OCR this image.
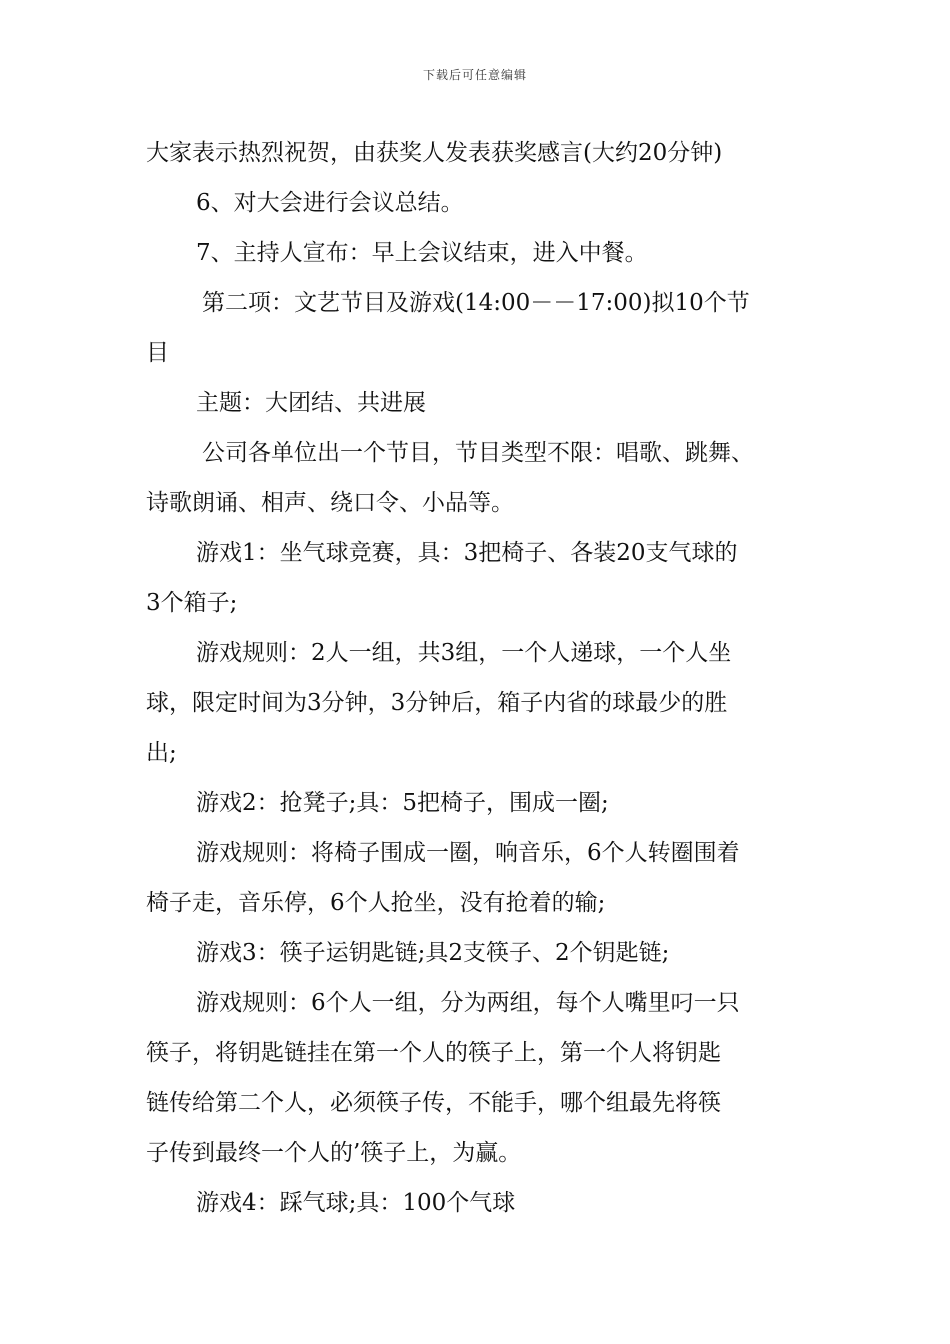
下载后可任意编辑
大家表示热烈祝贺，由获奖人发表获奖感言(大约20分钟)
6、对大会进行会议总结。
7、主持人宣布：早上会议结束，进入中餐。
第二项：文艺节目及游戏(14:00－－17:00)拟10个节
目
主题：大团结、共进展
公司各单位出一个节目，节目类型不限：唱歌、跳舞、
诗歌朗诵、相声、绕口令、小品等。
游戏1：坐气球竞赛，具：3把椅子、各装20支气球的
3个箱子;
游戏规则：2人一组，共3组，一个人递球，一个人坐
球，限定时间为3分钟，3分钟后，箱子内省的球最少的胜
出;
游戏2：抢凳子;具：5把椅子，围成一圈;
游戏规则：将椅子围成一圈，响音乐，6个人转圈围着
椅子走，音乐停，6个人抢坐，没有抢着的输;
游戏3：筷子运钥匙链;具2支筷子、2个钥匙链;
游戏规则：6个人一组，分为两组，每个人嘴里叼一只
筷子，将钥匙链挂在第一个人的筷子上，第一个人将钥匙
链传给第二个人，必须筷子传，不能手，哪个组最先将筷
子传到最终一个人的’筷子上，为赢。
游戏4：踩气球;具：100个气球
